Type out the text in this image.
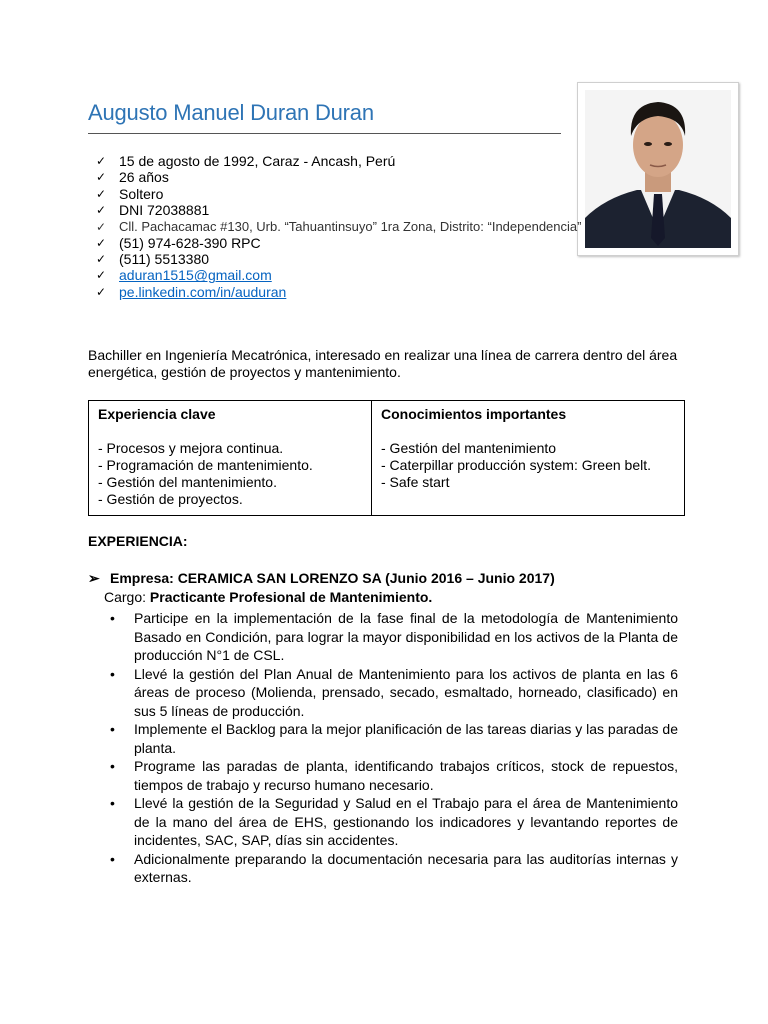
Augusto Manuel Duran Duran
✓ 15 de agosto de 1992, Caraz - Ancash, Perú
✓ 26 años
✓ Soltero
✓ DNI 72038881
✓ Cll. Pachacamac #130, Urb. “Tahuantinsuyo” 1ra Zona, Distrito: “Independencia”
✓ (51) 974-628-390 RPC
✓ (511) 5513380
✓ aduran1515@gmail.com
✓ pe.linkedin.com/in/auduran
Bachiller en Ingeniería Mecatrónica, interesado en realizar una línea de carrera dentro del área energética, gestión de proyectos y mantenimiento.
Experiencia clave
- Procesos y mejora continua.
- Programación de mantenimiento.
- Gestión del mantenimiento.
- Gestión de proyectos.

Conocimientos importantes
- Gestión del mantenimiento
- Caterpillar producción system: Green belt.
- Safe start
EXPERIENCIA:
➢ Empresa: CERAMICA SAN LORENZO SA (Junio 2016 – Junio 2017)
Cargo: Practicante Profesional de Mantenimiento.
• Participe en la implementación de la fase final de la metodología de Mantenimiento Basado en Condición, para lograr la mayor disponibilidad en los activos de la Planta de producción N°1 de CSL.
• Llevé la gestión del Plan Anual de Mantenimiento para los activos de planta en las 6 áreas de proceso (Molienda, prensado, secado, esmaltado, horneado, clasificado) en sus 5 líneas de producción.
• Implemente el Backlog para la mejor planificación de las tareas diarias y las paradas de planta.
• Programe las paradas de planta, identificando trabajos críticos, stock de repuestos, tiempos de trabajo y recurso humano necesario.
• Llevé la gestión de la Seguridad y Salud en el Trabajo para el área de Mantenimiento de la mano del área de EHS, gestionando los indicadores y levantando reportes de incidentes, SAC, SAP, días sin accidentes.
• Adicionalmente preparando la documentación necesaria para las auditorías internas y externas.
